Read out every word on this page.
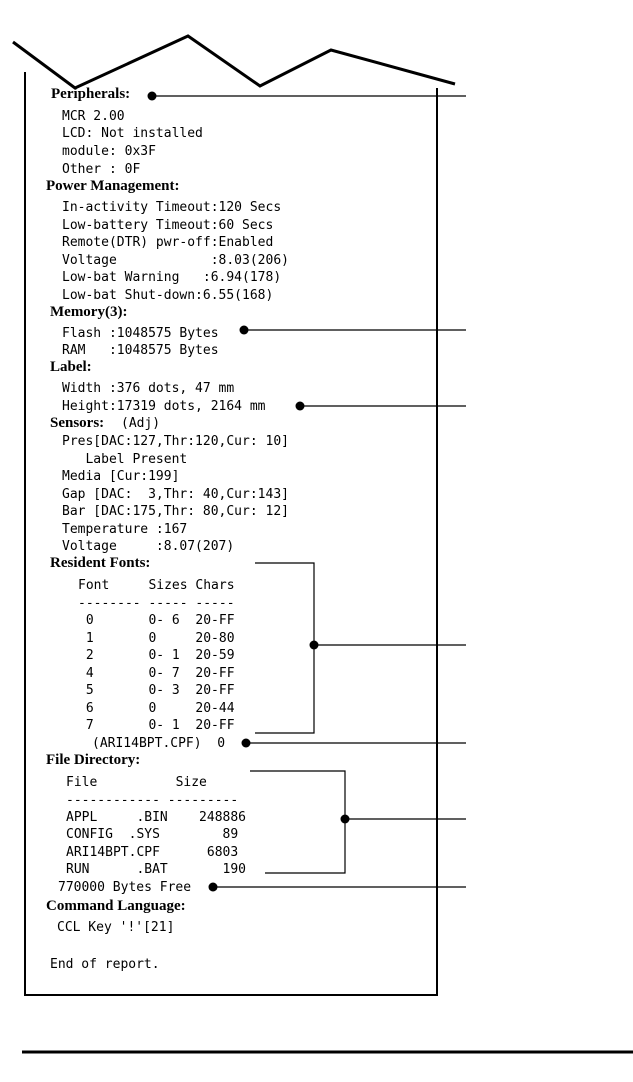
Peripherals:
MCR 2.00
LCD: Not installed
module: 0x3F
Other : 0F
Power Management:
In-activity Timeout:120 Secs
Low-battery Timeout:60 Secs
Remote(DTR) pwr-off:Enabled
Voltage            :8.03(206)
Low-bat Warning   :6.94(178)
Low-bat Shut-down:6.55(168)
Memory(3):
Flash :1048575 Bytes
RAM   :1048575 Bytes
Label:
Width :376 dots, 47 mm
Height:17319 dots, 2164 mm
Sensors: (Adj)
Pres[DAC:127,Thr:120,Cur: 10]
Label Present
Media [Cur:199]
Gap [DAC:  3,Thr: 40,Cur:143]
Bar [DAC:175,Thr: 80,Cur: 12]
Temperature :167
Voltage     :8.07(207)
Resident Fonts:
Font     Sizes Chars
-------- ----- -----
0       0- 6  20-FF
1       0     20-80
2       0- 1  20-59
4       0- 7  20-FF
5       0- 3  20-FF
6       0     20-44
7       0- 1  20-FF
(ARI14BPT.CPF)  0
File Directory:
File          Size
------------ ---------
APPL     .BIN    248886
CONFIG  .SYS        89
ARI14BPT.CPF      6803
RUN      .BAT       190
770000 Bytes Free
Command Language:
CCL Key '!'[21]
End of report.
